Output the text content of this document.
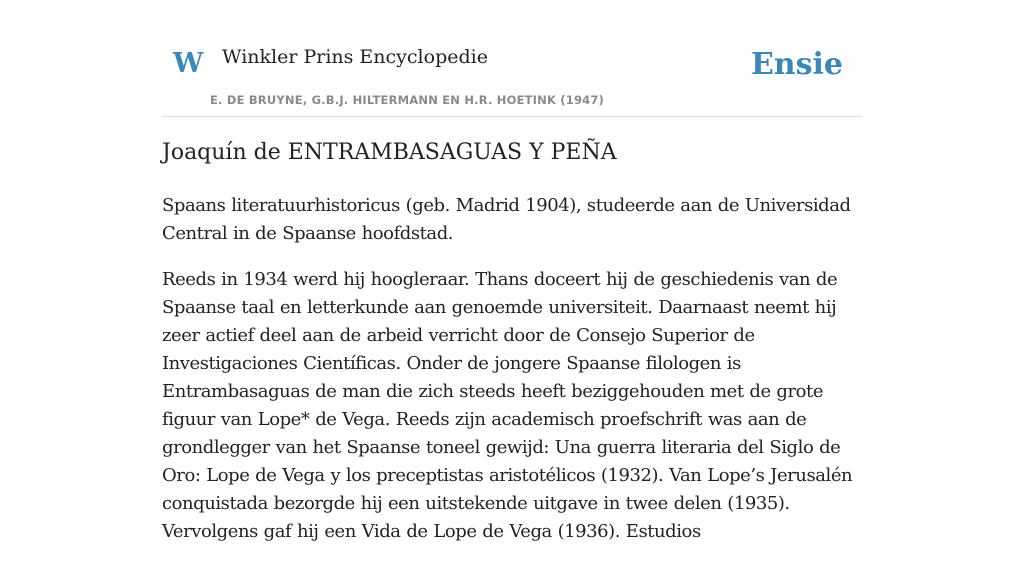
W Winkler Prins Encyclopedie
E. DE BRUYNE, G.B.J. HILTERMANN EN H.R. HOETINK (1947)
Ensie
Joaquín de ENTRAMBASAGUAS Y PEÑA

Spaans literatuurhistoricus (geb. Madrid 1904), studeerde aan de Universidad Central in de Spaanse hoofdstad.

Reeds in 1934 werd hij hoogleraar. Thans doceert hij de geschiedenis van de Spaanse taal en letterkunde aan genoemde universiteit. Daarnaast neemt hij zeer actief deel aan de arbeid verricht door de Consejo Superior de Investigaciones Científicas. Onder de jongere Spaanse filologen is Entrambasaguas de man die zich steeds heeft beziggehouden met de grote figuur van Lope* de Vega. Reeds zijn academisch proefschrift was aan de grondlegger van het Spaanse toneel gewijd: Una guerra literaria del Siglo de Oro: Lope de Vega y los preceptistas aristotélicos (1932). Van Lope’s Jerusalén conquistada bezorgde hij een uitstekende uitgave in twee delen (1935). Vervolgens gaf hij een Vida de Lope de Vega (1936). Estudios
